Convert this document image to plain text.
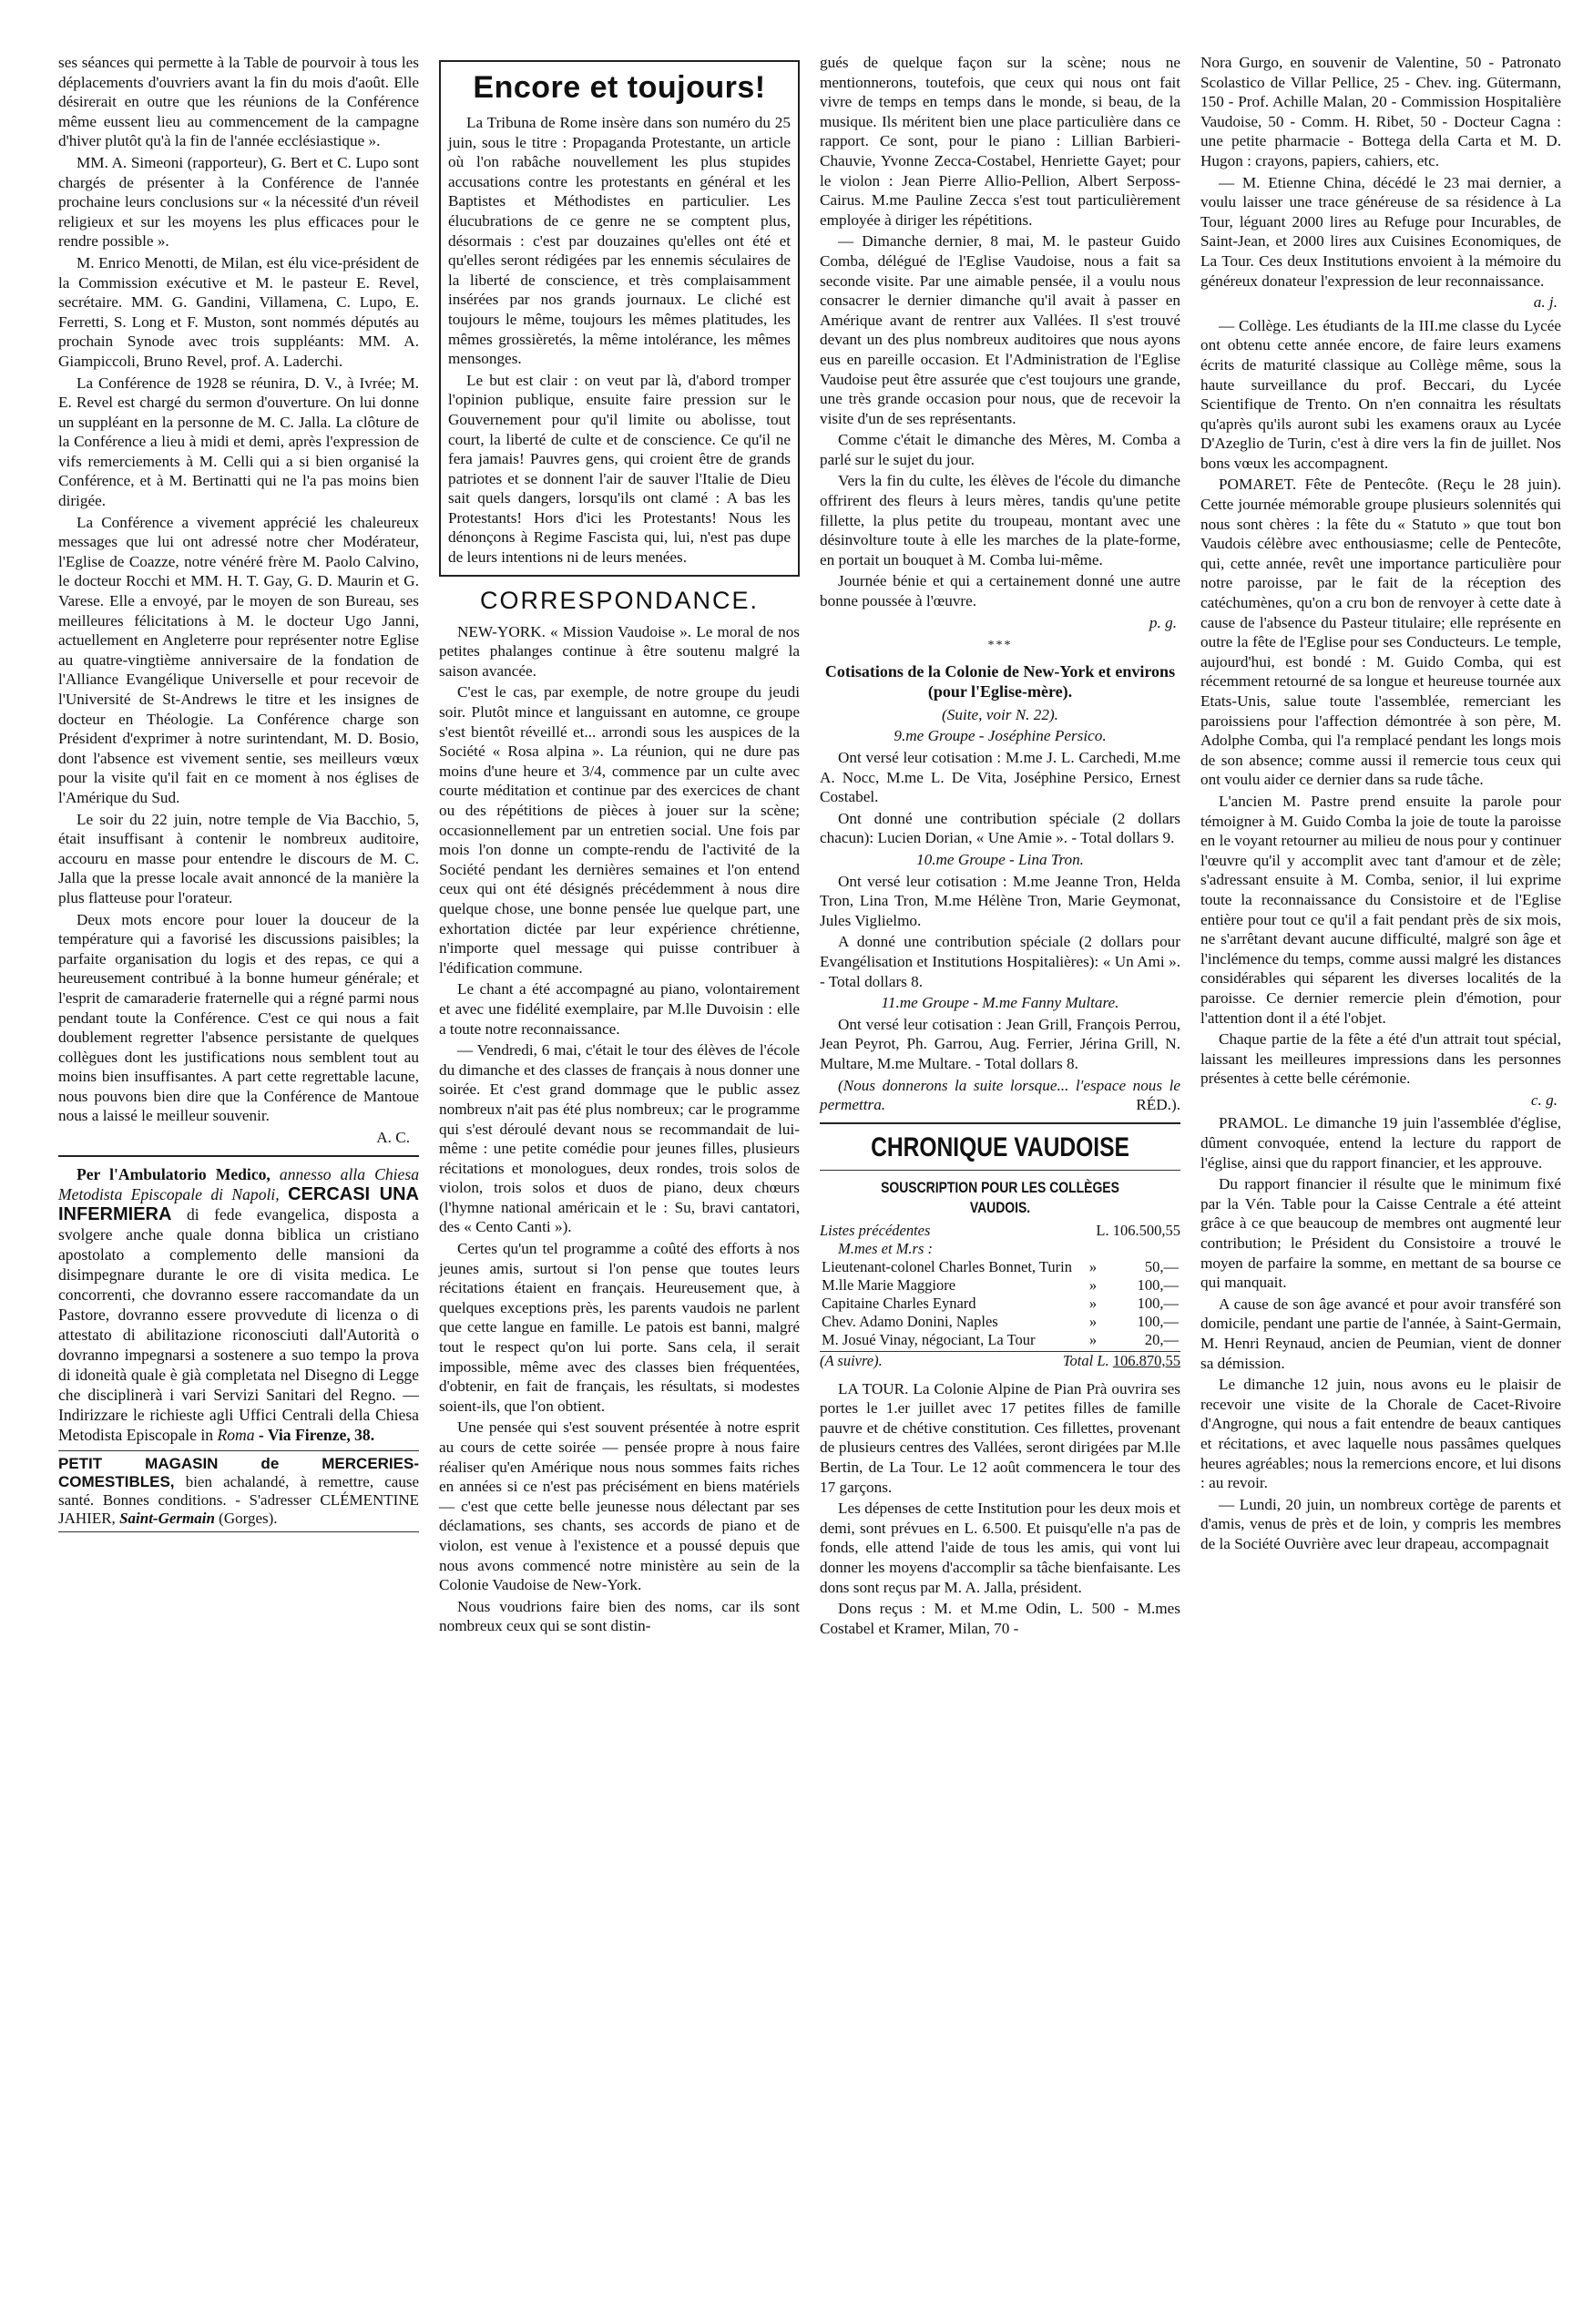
ses séances qui permette à la Table de pourvoir à tous les déplacements d'ouvriers avant la fin du mois d'août. Elle désirerait en outre que les réunions de la Conférence même eussent lieu au commencement de la campagne d'hiver plutôt qu'à la fin de l'année ecclésiastique ».

MM. A. Simeoni (rapporteur), G. Bert et C. Lupo sont chargés de présenter à la Conférence de l'année prochaine leurs conclusions sur « la nécessité d'un réveil religieux et sur les moyens les plus efficaces pour le rendre possible ».

M. Enrico Menotti, de Milan, est élu vice-président de la Commission exécutive et M. le pasteur E. Revel, secrétaire. MM. G. Gandini, Villamena, C. Lupo, E. Ferretti, S. Long et F. Muston, sont nommés députés au prochain Synode avec trois suppléants: MM. A. Giampiccoli, Bruno Revel, prof. A. Laderchi.

La Conférence de 1928 se réunira, D. V., à Ivrée; M. E. Revel est chargé du sermon d'ouverture. On lui donne un suppléant en la personne de M. C. Jalla. La clôture de la Conférence a lieu à midi et demi, après l'expression de vifs remerciements à M. Celli qui a si bien organisé la Conférence, et à M. Bertinatti qui ne l'a pas moins bien dirigée.

La Conférence a vivement apprécié les chaleureux messages que lui ont adressé notre cher Modérateur, l'Eglise de Coazze, notre vénéré frère M. Paolo Calvino, le docteur Rocchi et MM. H. T. Gay, G. D. Maurin et G. Varese. Elle a envoyé, par le moyen de son Bureau, ses meilleures félicitations à M. le docteur Ugo Janni, actuellement en Angleterre pour représenter notre Eglise au quatre-vingtième anniversaire de la fondation de l'Alliance Evangélique Universelle et pour recevoir de l'Université de St-Andrews le titre et les insignes de docteur en Théologie. La Conférence charge son Président d'exprimer à notre surintendant, M. D. Bosio, dont l'absence est vivement sentie, ses meilleurs vœux pour la visite qu'il fait en ce moment à nos églises de l'Amérique du Sud.

Le soir du 22 juin, notre temple de Via Bacchio, 5, était insuffisant à contenir le nombreux auditoire, accouru en masse pour entendre le discours de M. C. Jalla que la presse locale avait annoncé de la manière la plus flatteuse pour l'orateur.

Deux mots encore pour louer la douceur de la température qui a favorisé les discussions paisibles; la parfaite organisation du logis et des repas, ce qui a heureusement contribué à la bonne humeur générale; et l'esprit de camaraderie fraternelle qui a régné parmi nous pendant toute la Conférence. C'est ce qui nous a fait doublement regretter l'absence persistante de quelques collègues dont les justifications nous semblent tout au moins bien insuffisantes. A part cette regrettable lacune, nous pouvons bien dire que la Conférence de Mantoue nous a laissé le meilleur souvenir.

A. C.

Per l'Ambulatorio Medico, annesso alla Chiesa Metodista Episcopale di Napoli, CERCASI UNA INFERMIERA di fede evangelica, disposta a svolgere anche quale donna biblica un cristiano apostolato a complemento delle mansioni da disimpegnare durante le ore di visita medica. Le concorrenti, che dovranno essere raccomandate da un Pastore, dovranno essere provvedute di licenza o di attestato di abilitazione riconosciuti dall'Autorità o dovranno impegnarsi a sostenere a suo tempo la prova di idoneità quale è già completata nel Disegno di Legge che disciplinerà i vari Servizi Sanitari del Regno. — Indirizzare le richieste agli Uffici Centrali della Chiesa Metodista Episcopale in Roma - Via Firenze, 38.

PETIT MAGASIN de MERCERIES-COMESTIBLES, bien achalandé, à remettre, cause santé. Bonnes conditions. - S'adresser CLÉMENTINE JAHIER, Saint-Germain (Gorges).
Encore et toujours!

La Tribuna de Rome insère dans son numéro du 25 juin, sous le titre : Propaganda Protestante, un article où l'on rabâche nouvellement les plus stupides accusations contre les protestants en général et les Baptistes et Méthodistes en particulier. Les élucubrations de ce genre ne se comptent plus, désormais : c'est par douzaines qu'elles ont été et qu'elles seront rédigées par les ennemis séculaires de la liberté de conscience, et très complaisamment insérées par nos grands journaux. Le cliché est toujours le même, toujours les mêmes platitudes, les mêmes grossièretés, la même intolérance, les mêmes mensonges.

Le but est clair : on veut par là, d'abord tromper l'opinion publique, ensuite faire pression sur le Gouvernement pour qu'il limite ou abolisse, tout court, la liberté de culte et de conscience. Ce qu'il ne fera jamais! Pauvres gens, qui croient être de grands patriotes et se donnent l'air de sauver l'Italie de Dieu sait quels dangers, lorsqu'ils ont clamé : A bas les Protestants! Hors d'ici les Protestants! Nous les dénonçons à Regime Fascista qui, lui, n'est pas dupe de leurs intentions ni de leurs menées.

CORRESPONDANCE.

NEW-YORK. « Mission Vaudoise ». Le moral de nos petites phalanges continue à être soutenu malgré la saison avancée.

C'est le cas, par exemple, de notre groupe du jeudi soir. Plutôt mince et languissant en automne, ce groupe s'est bientôt réveillé et... arrondi sous les auspices de la Société « Rosa alpina ». La réunion, qui ne dure pas moins d'une heure et 3/4, commence par un culte avec courte méditation et continue par des exercices de chant ou des répétitions de pièces à jouer sur la scène; occasionnellement par un entretien social. Une fois par mois l'on donne un compte-rendu de l'activité de la Société pendant les dernières semaines et l'on entend ceux qui ont été désignés précédemment à nous dire quelque chose, une bonne pensée lue quelque part, une exhortation dictée par leur expérience chrétienne, n'importe quel message qui puisse contribuer à l'édification commune.

Le chant a été accompagné au piano, volontairement et avec une fidélité exemplaire, par M.lle Duvoisin : elle a toute notre reconnaissance.

— Vendredi, 6 mai, c'était le tour des élèves de l'école du dimanche et des classes de français à nous donner une soirée. Et c'est grand dommage que le public assez nombreux n'ait pas été plus nombreux; car le programme qui s'est déroulé devant nous se recommandait de lui-même : une petite comédie pour jeunes filles, plusieurs récitations et monologues, deux rondes, trois solos de violon, trois solos et duos de piano, deux chœurs (l'hymne national américain et le : Su, bravi cantatori, des « Cento Canti »).

Certes qu'un tel programme a coûté des efforts à nos jeunes amis, surtout si l'on pense que toutes leurs récitations étaient en français. Heureusement que, à quelques exceptions près, les parents vaudois ne parlent que cette langue en famille. Le patois est banni, malgré tout le respect qu'on lui porte. Sans cela, il serait impossible, même avec des classes bien fréquentées, d'obtenir, en fait de français, les résultats, si modestes soient-ils, que l'on obtient.

Une pensée qui s'est souvent présentée à notre esprit au cours de cette soirée — pensée propre à nous faire réaliser qu'en Amérique nous nous sommes faits riches en années si ce n'est pas précisément en biens matériels — c'est que cette belle jeunesse nous délectant par ses déclamations, ses chants, ses accords de piano et de violon, est venue à l'existence et a poussé depuis que nous avons commencé notre ministère au sein de la Colonie Vaudoise de New-York.

Nous voudrions faire bien des noms, car ils sont nombreux ceux qui se sont distin-

gués de quelque façon sur la scène; nous ne mentionnerons, toutefois, que ceux qui nous ont fait vivre de temps en temps dans le monde, si beau, de la musique. Ils méritent bien une place particulière dans ce rapport. Ce sont, pour le piano : Lillian Barbieri-Chauvie, Yvonne Zecca-Costabel, Henriette Gayet; pour le violon : Jean Pierre Allio-Pellion, Albert Serposs-Cairus. M.me Pauline Zecca s'est tout particulièrement employée à diriger les répétitions.

— Dimanche dernier, 8 mai, M. le pasteur Guido Comba, délégué de l'Eglise Vaudoise, nous a fait sa seconde visite. Par une aimable pensée, il a voulu nous consacrer le dernier dimanche qu'il avait à passer en Amérique avant de rentrer aux Vallées. Il s'est trouvé devant un des plus nombreux auditoires que nous ayons eus en pareille occasion. Et l'Administration de l'Eglise Vaudoise peut être assurée que c'est toujours une grande, une très grande occasion pour nous, que de recevoir la visite d'un de ses représentants.

Comme c'était le dimanche des Mères, M. Comba a parlé sur le sujet du jour.

Vers la fin du culte, les élèves de l'école du dimanche offrirent des fleurs à leurs mères, tandis qu'une petite fillette, la plus petite du troupeau, montant avec une désinvolture toute à elle les marches de la plate-forme, en portait un bouquet à M. Comba lui-même.

Journée bénie et qui a certainement donné une autre bonne poussée à l'œuvre.

p. g.

***
Cotisations de la Colonie de New-York et environs (pour l'Eglise-mère).
(Suite, voir N. 22).
9.me Groupe - Joséphine Persico.

Ont versé leur cotisation : M.me J. L. Carchedi, M.me A. Nocc, M.me L. De Vita, Joséphine Persico, Ernest Costabel.

Ont donné une contribution spéciale (2 dollars chacun): Lucien Dorian, « Une Amie ». - Total dollars 9.

10.me Groupe - Lina Tron.

Ont versé leur cotisation : M.me Jeanne Tron, Helda Tron, Lina Tron, M.me Hélène Tron, Marie Geymonat, Jules Viglielmo.

A donné une contribution spéciale (2 dollars pour Evangélisation et Institutions Hospitalières): « Un Ami ». - Total dollars 8.

11.me Groupe - M.me Fanny Multare.

Ont versé leur cotisation : Jean Grill, François Perrou, Jean Peyrot, Ph. Garrou, Aug. Ferrier, Jérina Grill, N. Multare, M.me Multare. - Total dollars 8.

(Nous donnerons la suite lorsque... l'espace nous le permettra.	RÉD.).

CHRONIQUE VAUDOISE
SOUSCRIPTION POUR LES COLLÈGES VAUDOIS.
Listes précédentes	L. 106.500,55
M.mes et M.rs :
Lieutenant-colonel Charles Bonnet, Turin	»	50,—
M.lle Marie Maggiore	»	100,—
Capitaine Charles Eynard	»	100,—
Chev. Adamo Donini, Naples	»	100,—
M. Josué Vinay, négociant, La Tour	»	20,—
(A suivre).	Total L. 106.870,55

LA TOUR. La Colonie Alpine de Pian Prà ouvrira ses portes le 1.er juillet avec 17 petites filles de famille pauvre et de chétive constitution. Ces fillettes, provenant de plusieurs centres des Vallées, seront dirigées par M.lle Bertin, de La Tour. Le 12 août commencera le tour des 17 garçons.

Les dépenses de cette Institution pour les deux mois et demi, sont prévues en L. 6.500. Et puisqu'elle n'a pas de fonds, elle attend l'aide de tous les amis, qui vont lui donner les moyens d'accomplir sa tâche bienfaisante. Les dons sont reçus par M. A. Jalla, président.

Dons reçus : M. et M.me Odin, L. 500 - M.mes Costabel et Kramer, Milan, 70 -

Nora Gurgo, en souvenir de Valentine, 50 - Patronato Scolastico de Villar Pellice, 25 - Chev. ing. Gütermann, 150 - Prof. Achille Malan, 20 - Commission Hospitalière Vaudoise, 50 - Comm. H. Ribet, 50 - Docteur Cagna : une petite pharmacie - Bottega della Carta et M. D. Hugon : crayons, papiers, cahiers, etc.

— M. Etienne China, décédé le 23 mai dernier, a voulu laisser une trace généreuse de sa résidence à La Tour, léguant 2000 lires au Refuge pour Incurables, de Saint-Jean, et 2000 lires aux Cuisines Economiques, de La Tour. Ces deux Institutions envoient à la mémoire du généreux donateur l'expression de leur reconnaissance.

a. j.

— Collège. Les étudiants de la III.me classe du Lycée ont obtenu cette année encore, de faire leurs examens écrits de maturité classique au Collège même, sous la haute surveillance du prof. Beccari, du Lycée Scientifique de Trento. On n'en connaitra les résultats qu'après qu'ils auront subi les examens oraux au Lycée D'Azeglio de Turin, c'est à dire vers la fin de juillet. Nos bons vœux les accompagnent.

POMARET. Fête de Pentecôte. (Reçu le 28 juin). Cette journée mémorable groupe plusieurs solennités qui nous sont chères : la fête du « Statuto » que tout bon Vaudois célèbre avec enthousiasme; celle de Pentecôte, qui, cette année, revêt une importance particulière pour notre paroisse, par le fait de la réception des catéchumènes, qu'on a cru bon de renvoyer à cette date à cause de l'absence du Pasteur titulaire; elle représente en outre la fête de l'Eglise pour ses Conducteurs. Le temple, aujourd'hui, est bondé : M. Guido Comba, qui est récemment retourné de sa longue et heureuse tournée aux Etats-Unis, salue toute l'assemblée, remerciant les paroissiens pour l'affection démontrée à son père, M. Adolphe Comba, qui l'a remplacé pendant les longs mois de son absence; comme aussi il remercie tous ceux qui ont voulu aider ce dernier dans sa rude tâche.

L'ancien M. Pastre prend ensuite la parole pour témoigner à M. Guido Comba la joie de toute la paroisse en le voyant retourner au milieu de nous pour y continuer l'œuvre qu'il y accomplit avec tant d'amour et de zèle; s'adressant ensuite à M. Comba, senior, il lui exprime toute la reconnaissance du Consistoire et de l'Eglise entière pour tout ce qu'il a fait pendant près de six mois, ne s'arrêtant devant aucune difficulté, malgré son âge et l'inclémence du temps, comme aussi malgré les distances considérables qui séparent les diverses localités de la paroisse. Ce dernier remercie plein d'émotion, pour l'attention dont il a été l'objet.

Chaque partie de la fête a été d'un attrait tout spécial, laissant les meilleures impressions dans les personnes présentes à cette belle cérémonie.

c. g.

PRAMOL. Le dimanche 19 juin l'assemblée d'église, dûment convoquée, entend la lecture du rapport de l'église, ainsi que du rapport financier, et les approuve.

Du rapport financier il résulte que le minimum fixé par la Vén. Table pour la Caisse Centrale a été atteint grâce à ce que beaucoup de membres ont augmenté leur contribution; le Président du Consistoire a trouvé le moyen de parfaire la somme, en mettant de sa bourse ce qui manquait.

A cause de son âge avancé et pour avoir transféré son domicile, pendant une partie de l'année, à Saint-Germain, M. Henri Reynaud, ancien de Peumian, vient de donner sa démission.

Le dimanche 12 juin, nous avons eu le plaisir de recevoir une visite de la Chorale de Cacet-Rivoire d'Angrogne, qui nous a fait entendre de beaux cantiques et récitations, et avec laquelle nous passâmes quelques heures agréables; nous la remercions encore, et lui disons : au revoir.

— Lundi, 20 juin, un nombreux cortège de parents et d'amis, venus de près et de loin, y compris les membres de la Société Ouvrière avec leur drapeau, accompagnait
